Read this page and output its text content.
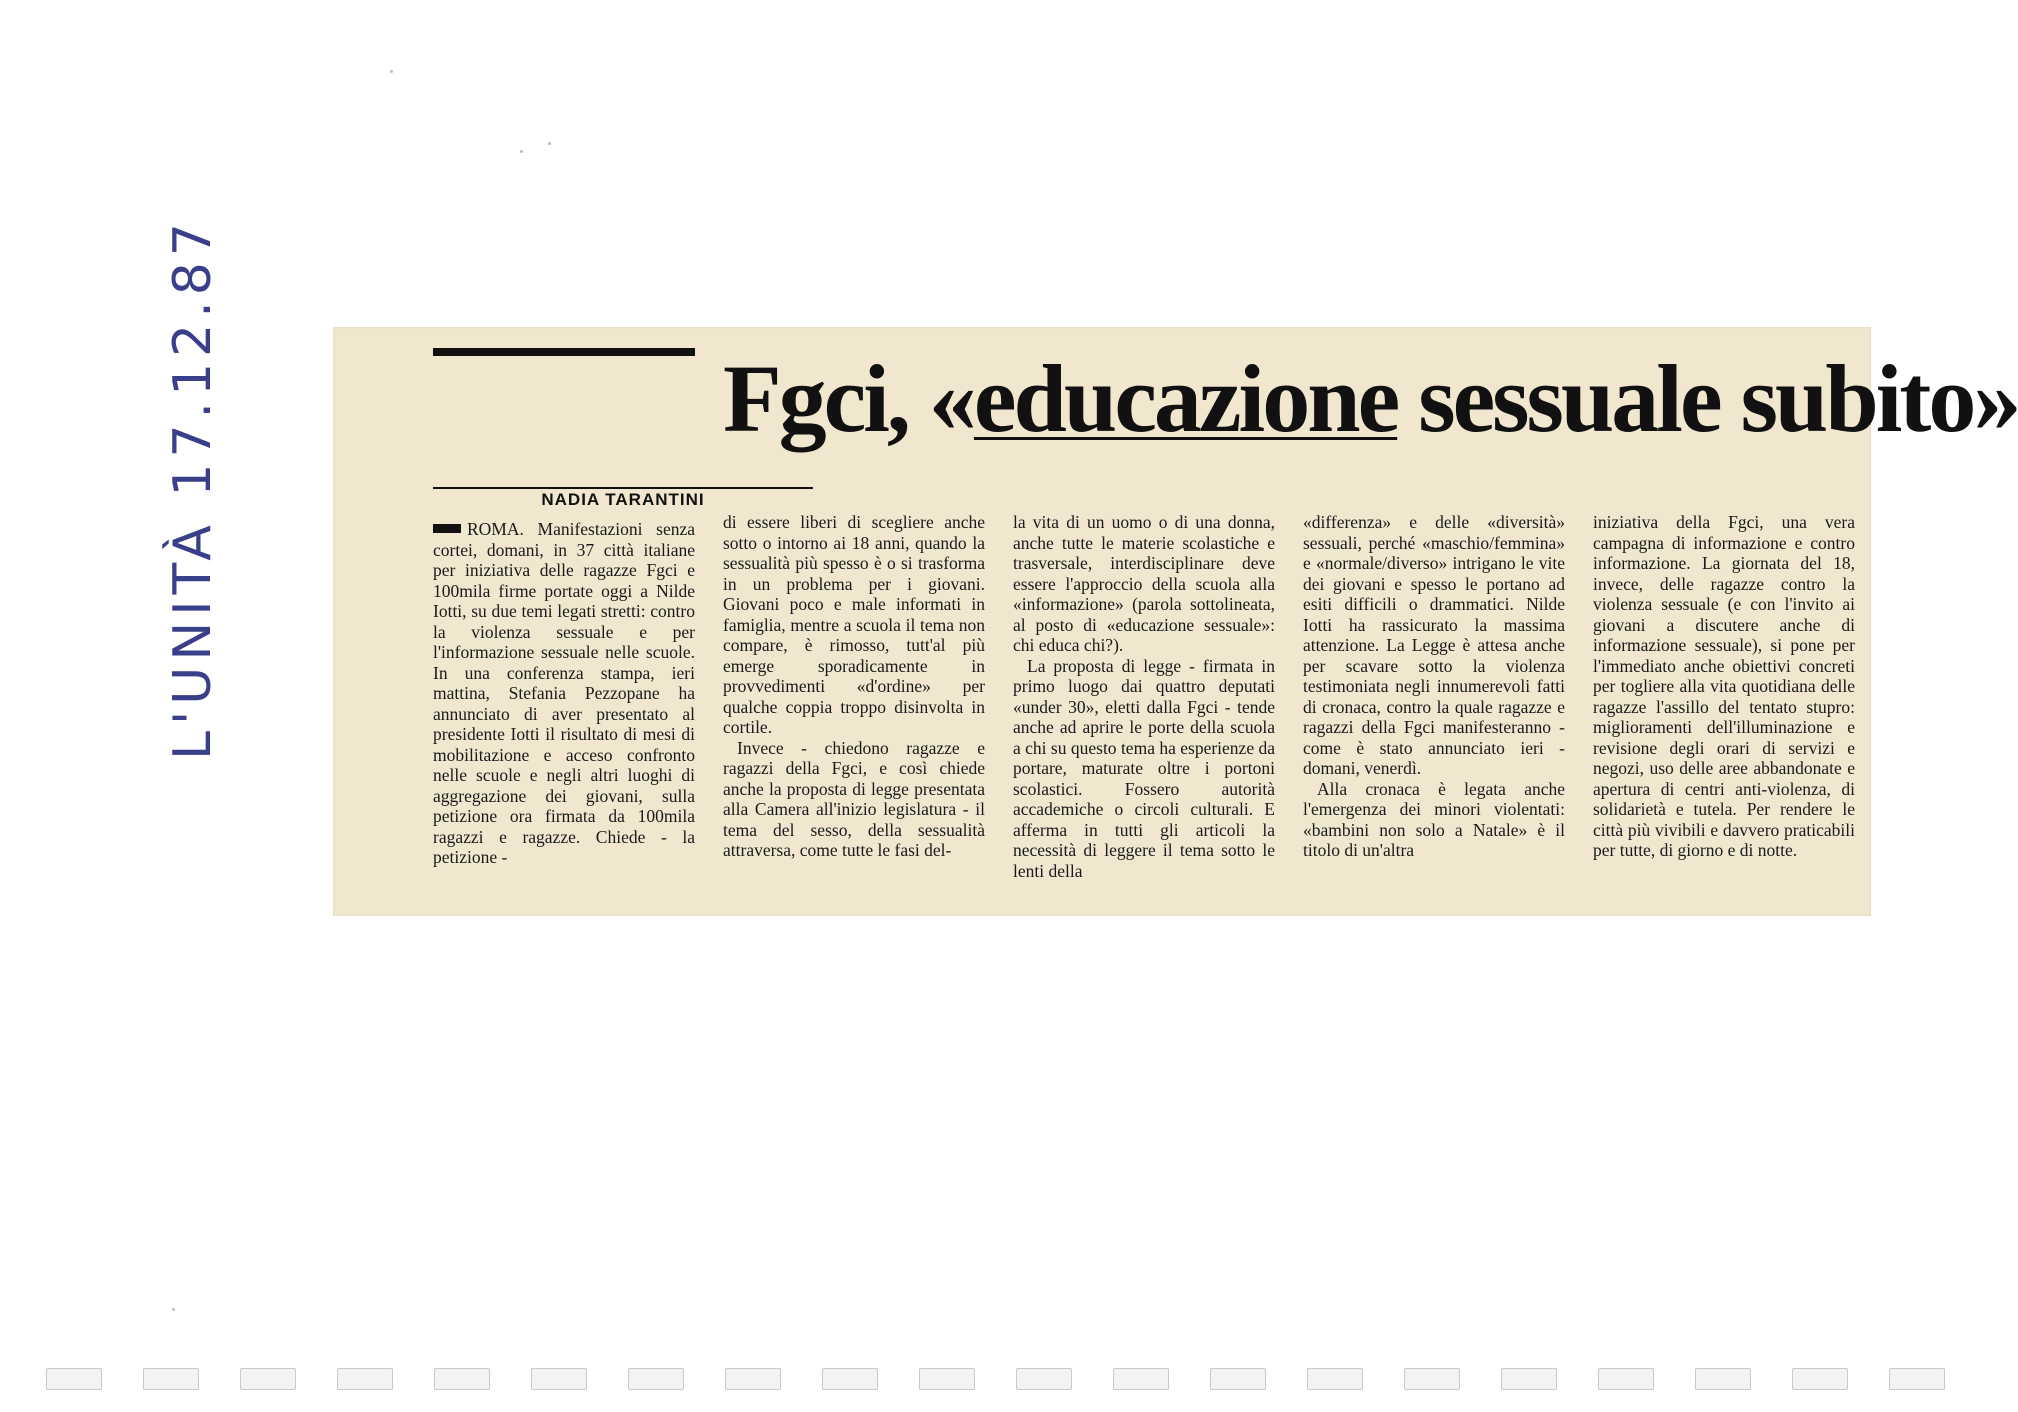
L'UNITÀ 17.12.87	Fgci, «educazione sessuale subito»
NADIA TARANTINI

ROMA. Manifestazioni senza cortei, domani, in 37 città italiane per iniziativa delle ragazze Fgci e 100mila firme portate oggi a Nilde Iotti, su due temi legati stretti: contro la violenza sessuale e per l'informazione sessuale nelle scuole. In una conferenza stampa, ieri mattina, Stefania Pezzopane ha annunciato di aver presentato al presidente Iotti il risultato di mesi di mobilitazione e acceso confronto nelle scuole e negli altri luoghi di aggregazione dei giovani, sulla petizione ora firmata da 100mila ragazzi e ragazze. Chiede - la petizione -

di essere liberi di scegliere anche sotto o intorno ai 18 anni, quando la sessualità più spesso è o si trasforma in un problema per i giovani. Giovani poco e male informati in famiglia, mentre a scuola il tema non compare, è rimosso, tutt'al più emerge sporadicamente in provvedimenti «d'ordine» per qualche coppia troppo disinvolta in cortile.

Invece - chiedono ragazze e ragazzi della Fgci, e così chiede anche la proposta di legge presentata alla Camera all'inizio legislatura - il tema del sesso, della sessualità attraversa, come tutte le fasi del-

la vita di un uomo o di una donna, anche tutte le materie scolastiche e trasversale, interdisciplinare deve essere l'approccio della scuola alla «informazione» (parola sottolineata, al posto di «educazione sessuale»: chi educa chi?).

La proposta di legge - firmata in primo luogo dai quattro deputati «under 30», eletti dalla Fgci - tende anche ad aprire le porte della scuola a chi su questo tema ha esperienze da portare, maturate oltre i portoni scolastici. Fossero autorità accademiche o circoli culturali. E afferma in tutti gli articoli la necessità di leggere il tema sotto le lenti della

«differenza» e delle «diversità» sessuali, perché «maschio/femmina» e «normale/diverso» intrigano le vite dei giovani e spesso le portano ad esiti difficili o drammatici. Nilde Iotti ha rassicurato la massima attenzione. La Legge è attesa anche per scavare sotto la violenza testimoniata negli innumerevoli fatti di cronaca, contro la quale ragazze e ragazzi della Fgci manifesteranno - come è stato annunciato ieri - domani, venerdì.

Alla cronaca è legata anche l'emergenza dei minori violentati: «bambini non solo a Natale» è il titolo di un'altra

iniziativa della Fgci, una vera campagna di informazione e contro informazione. La giornata del 18, invece, delle ragazze contro la violenza sessuale (e con l'invito ai giovani a discutere anche di informazione sessuale), si pone per l'immediato anche obiettivi concreti per togliere alla vita quotidiana delle ragazze l'assillo del tentato stupro: miglioramenti dell'illuminazione e revisione degli orari di servizi e negozi, uso delle aree abbandonate e apertura di centri anti-violenza, di solidarietà e tutela. Per rendere le città più vivibili e davvero praticabili per tutte, di giorno e di notte.
